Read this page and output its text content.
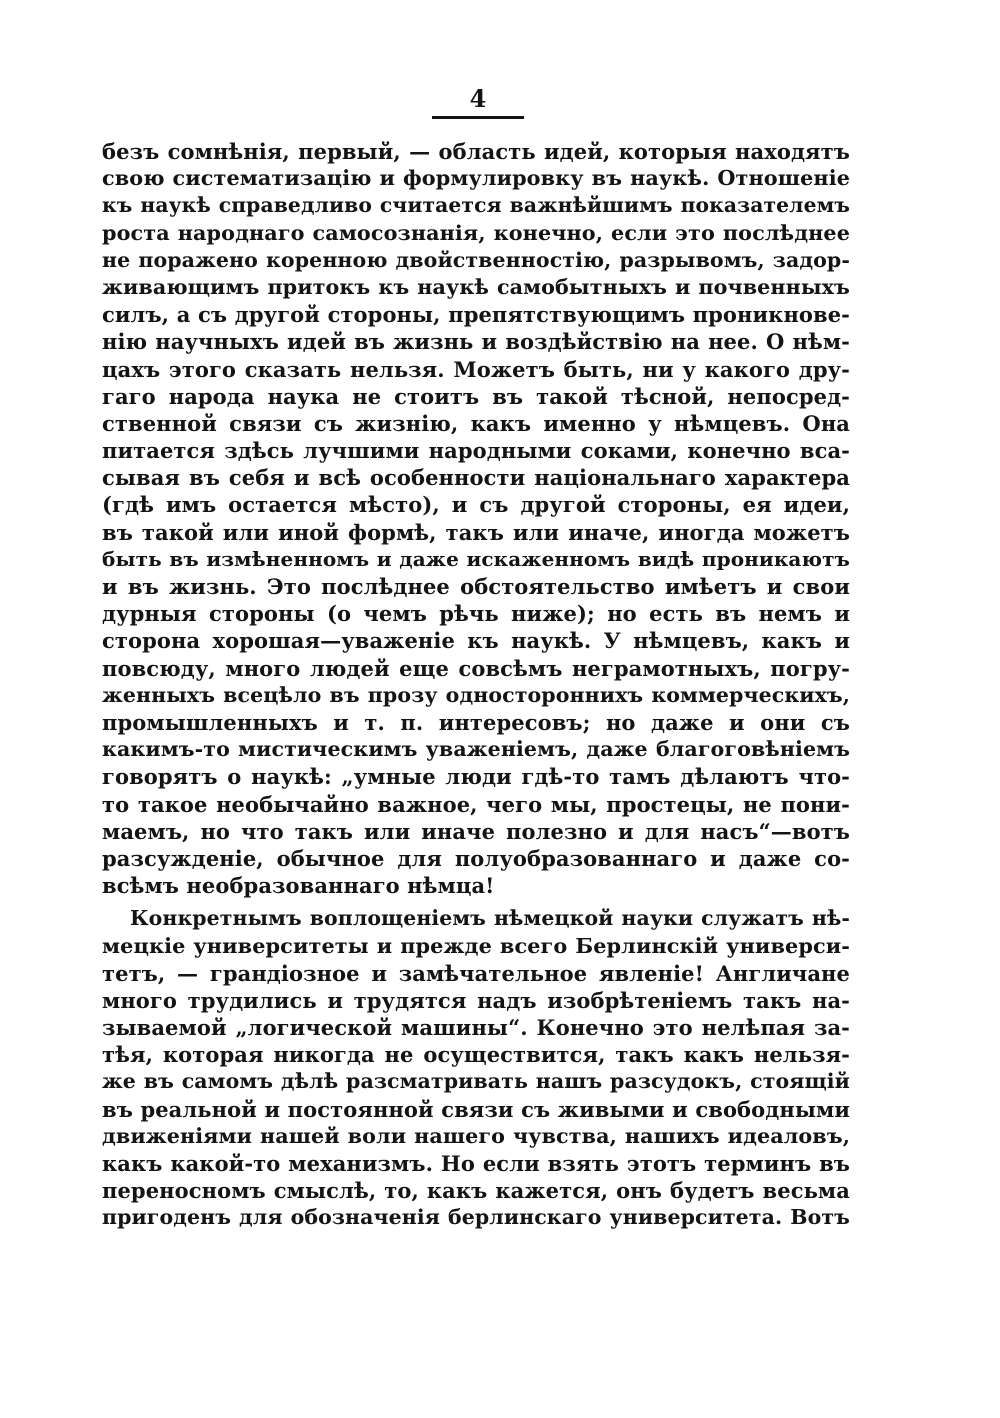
4
безъ сомнѣнія, первый, — область идей, которыя находятъ
свою систематизацію и формулировку въ наукѣ. Отношеніе
къ наукѣ справедливо считается важнѣйшимъ показателемъ
роста народнаго самосознанія, конечно, если это послѣднее
не поражено коренною двойственностію, разрывомъ, задор-
живающимъ притокъ къ наукѣ самобытныхъ и почвенныхъ
силъ, а съ другой стороны, препятствующимъ проникнове-
нію научныхъ идей въ жизнь и воздѣйствію на нее. О нѣм-
цахъ этого сказать нельзя. Можетъ быть, ни у какого дру-
гаго народа наука не стоитъ въ такой тѣсной, непосред-
ственной связи съ жизнію, какъ именно у нѣмцевъ. Она
питается здѣсь лучшими народными соками, конечно вса-
сывая въ себя и всѣ особенности національнаго характера
(гдѣ имъ остается мѣсто), и съ другой стороны, ея идеи,
въ такой или иной формѣ, такъ или иначе, иногда можетъ
быть въ измѣненномъ и даже искаженномъ видѣ проникаютъ
и въ жизнь. Это послѣднее обстоятельство имѣетъ и свои
дурныя стороны (о чемъ рѣчь ниже); но есть въ немъ и
сторона хорошая—уваженіе къ наукѣ. У нѣмцевъ, какъ и
повсюду, много людей еще совсѣмъ неграмотныхъ, погру-
женныхъ всецѣло въ прозу одностороннихъ коммерческихъ,
промышленныхъ и т. п. интересовъ; но даже и они съ
какимъ-то мистическимъ уваженіемъ, даже благоговѣніемъ
говорятъ о наукѣ: „умные люди гдѣ-то тамъ дѣлаютъ что-
то такое необычайно важное, чего мы, простецы, не пони-
маемъ, но что такъ или иначе полезно и для насъ“—вотъ
разсужденіе, обычное для полуобразованнаго и даже со-
всѣмъ необразованнаго нѣмца!
Конкретнымъ воплощеніемъ нѣмецкой науки служатъ нѣ-
мецкіе университеты и прежде всего Берлинскій универси-
тетъ, — грандіозное и замѣчательное явленіе! Англичане
много трудились и трудятся надъ изобрѣтеніемъ такъ на-
зываемой „логической машины“. Конечно это нелѣпая за-
тѣя, которая никогда не осуществится, такъ какъ нельзя-
же въ самомъ дѣлѣ разсматривать нашъ разсудокъ, стоящій
въ реальной и постоянной связи съ живыми и свободными
движеніями нашей воли нашего чувства, нашихъ идеаловъ,
какъ какой-то механизмъ. Но если взять этотъ терминъ въ
переносномъ смыслѣ, то, какъ кажется, онъ будетъ весьма
пригоденъ для обозначенія берлинскаго университета. Вотъ
